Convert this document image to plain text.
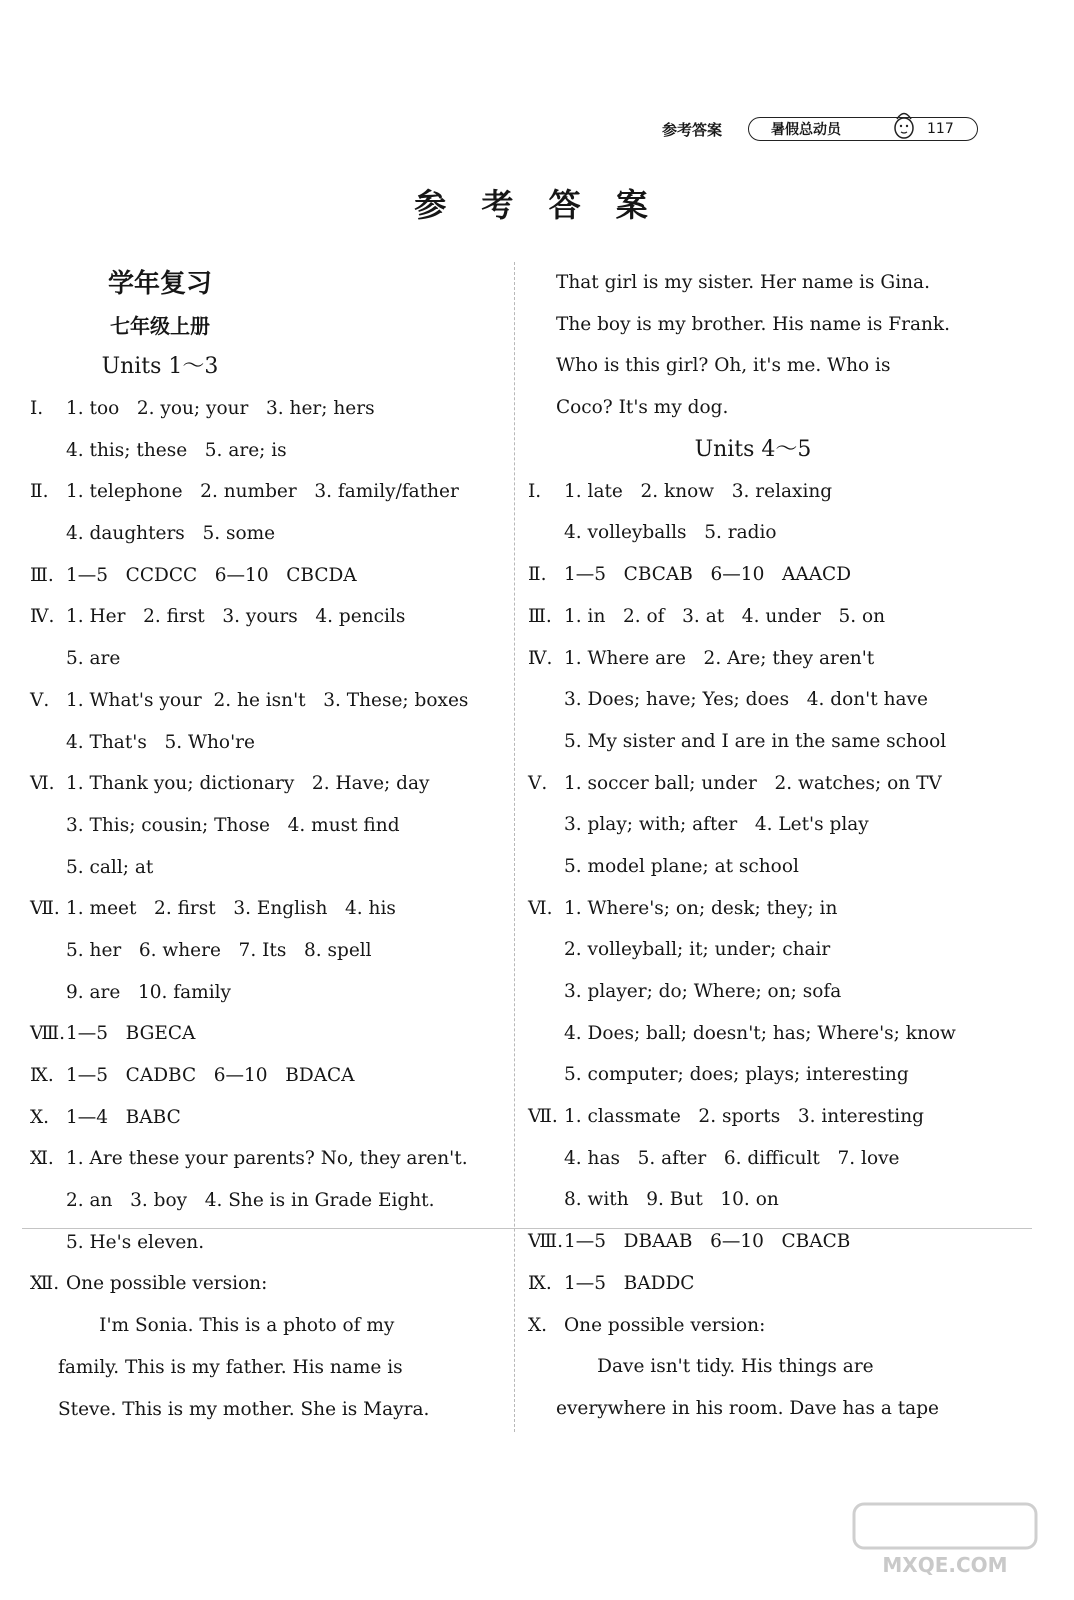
参考答案	暑假总动员	117
参 考 答 案
学年复习
七年级上册
Units 1～3
Ⅰ. 1. too   2. you; your   3. her; hers
4. this; these   5. are; is
Ⅱ. 1. telephone   2. number   3. family/father
4. daughters   5. some
Ⅲ. 1—5   CCDCC   6—10   CBCDA
Ⅳ. 1. Her   2. first   3. yours   4. pencils
5. are
Ⅴ. 1. What's your  2. he isn't   3. These; boxes
4. That's   5. Who're
Ⅵ. 1. Thank you; dictionary   2. Have; day
3. This; cousin; Those   4. must find
5. call; at
Ⅶ. 1. meet   2. first   3. English   4. his
5. her   6. where   7. Its   8. spell
9. are   10. family
Ⅷ.1—5   BGECA
Ⅸ. 1—5   CADBC   6—10   BDACA
Ⅹ. 1—4   BABC
Ⅺ. 1. Are these your parents? No, they aren't.
2. an   3. boy   4. She is in Grade Eight.
5. He's eleven.
Ⅻ. One possible version:
I'm Sonia. This is a photo of my
family. This is my father. His name is
Steve. This is my mother. She is Mayra.
That girl is my sister. Her name is Gina.
The boy is my brother. His name is Frank.
Who is this girl? Oh, it's me. Who is
Coco? It's my dog.
Units 4～5
Ⅰ. 1. late   2. know   3. relaxing
4. volleyballs   5. radio
Ⅱ. 1—5   CBCAB   6—10   AAACD
Ⅲ. 1. in   2. of   3. at   4. under   5. on
Ⅳ. 1. Where are   2. Are; they aren't
3. Does; have; Yes; does   4. don't have
5. My sister and I are in the same school
Ⅴ. 1. soccer ball; under   2. watches; on TV
3. play; with; after   4. Let's play
5. model plane; at school
Ⅵ. 1. Where's; on; desk; they; in
2. volleyball; it; under; chair
3. player; do; Where; on; sofa
4. Does; ball; doesn't; has; Where's; know
5. computer; does; plays; interesting
Ⅶ. 1. classmate   2. sports   3. interesting
4. has   5. after   6. difficult   7. love
8. with   9. But   10. on
Ⅷ.1—5   DBAAB   6—10   CBACB
Ⅸ. 1—5   BADDC
Ⅹ. One possible version:
Dave isn't tidy. His things are
everywhere in his room. Dave has a tape
MXQE.COM
